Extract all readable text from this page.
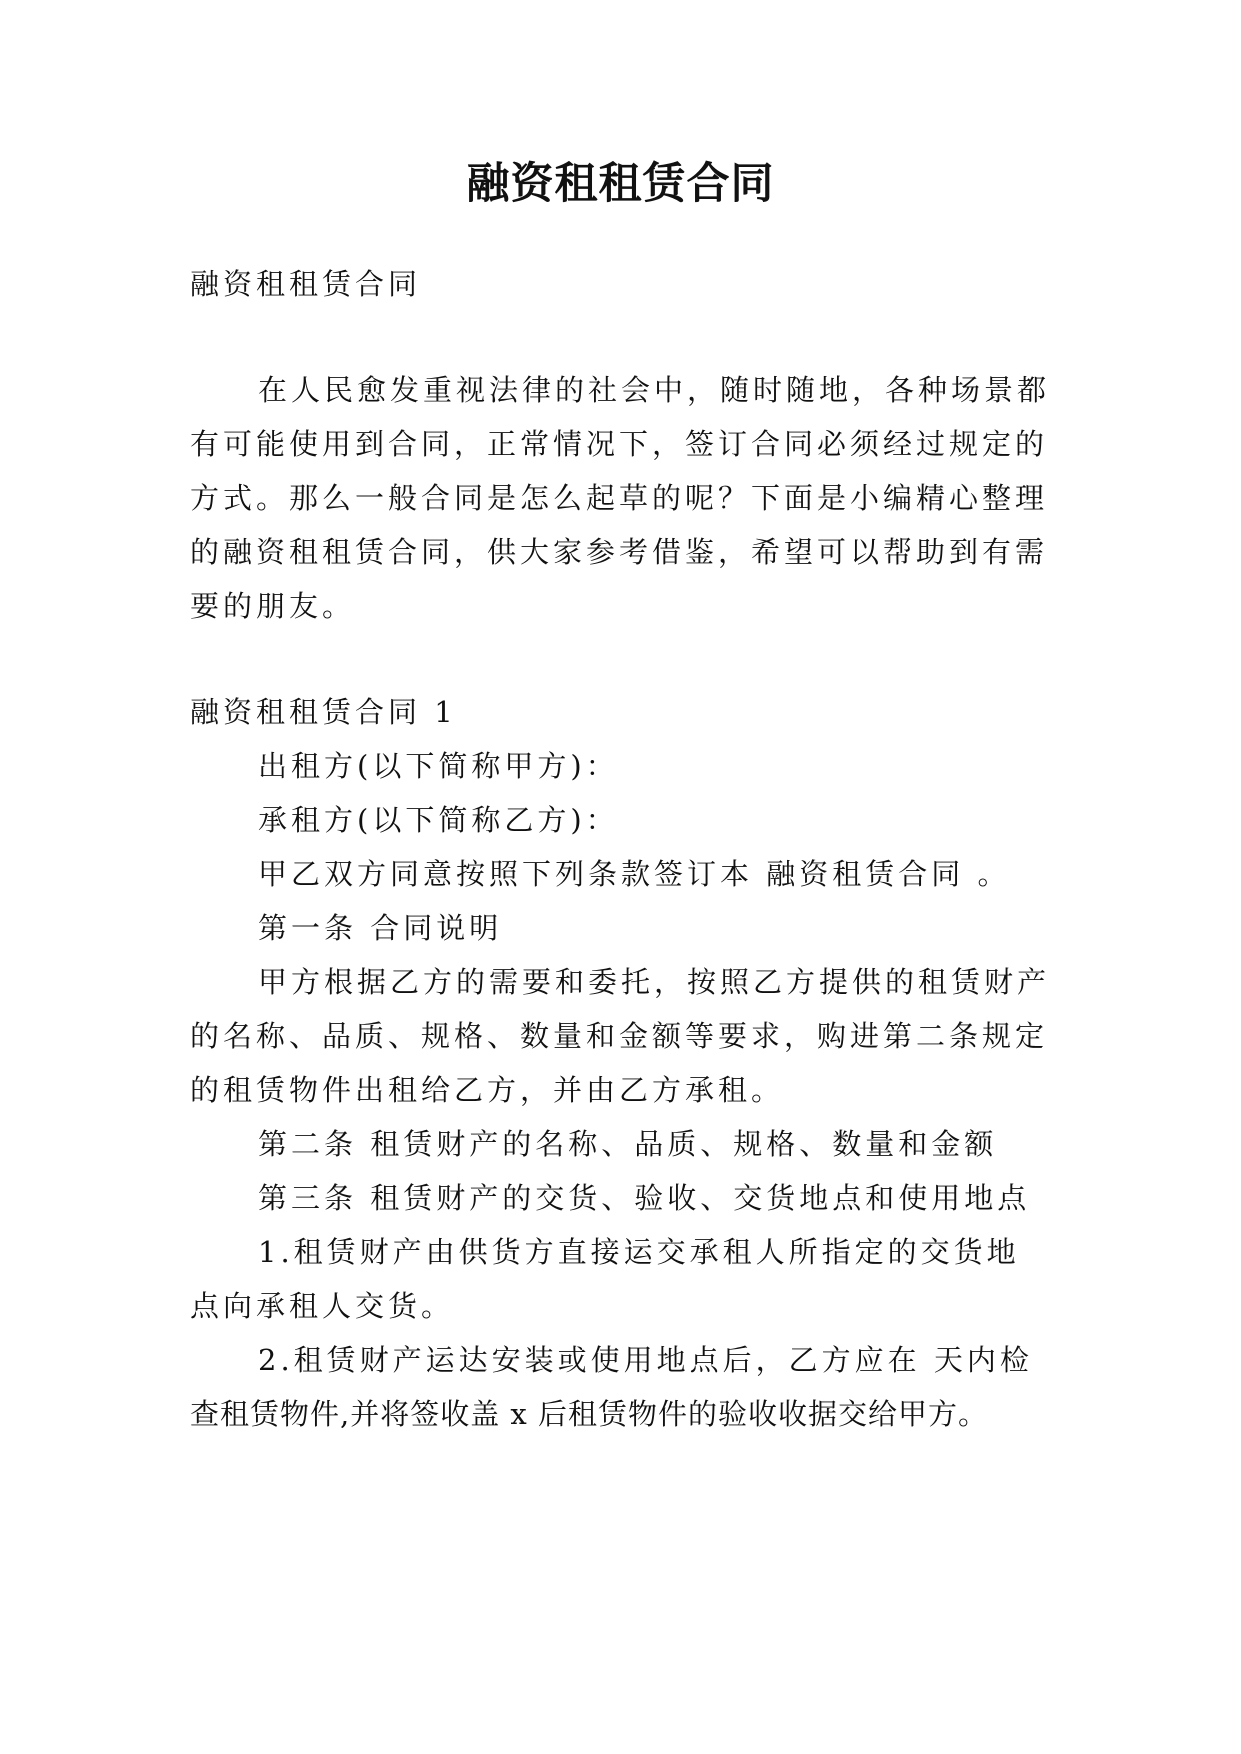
融资租租赁合同

融资租租赁合同

在人民愈发重视法律的社会中，随时随地，各种场景都

有可能使用到合同，正常情况下，签订合同必须经过规定的

方式。那么一般合同是怎么起草的呢？下面是小编精心整理

的融资租租赁合同，供大家参考借鉴，希望可以帮助到有需

要的朋友。

融资租租赁合同 1

出租方(以下简称甲方)：

承租方(以下简称乙方)：

甲乙双方同意按照下列条款签订本 融资租赁合同 。

第一条 合同说明

甲方根据乙方的需要和委托，按照乙方提供的租赁财产

的名称、品质、规格、数量和金额等要求，购进第二条规定

的租赁物件出租给乙方，并由乙方承租。

第二条 租赁财产的名称、品质、规格、数量和金额

第三条 租赁财产的交货、验收、交货地点和使用地点

1.租赁财产由供货方直接运交承租人所指定的交货地

点向承租人交货。

2.租赁财产运达安装或使用地点后，乙方应在 天内检

查租赁物件,并将签收盖 x 后租赁物件的验收收据交给甲方。
